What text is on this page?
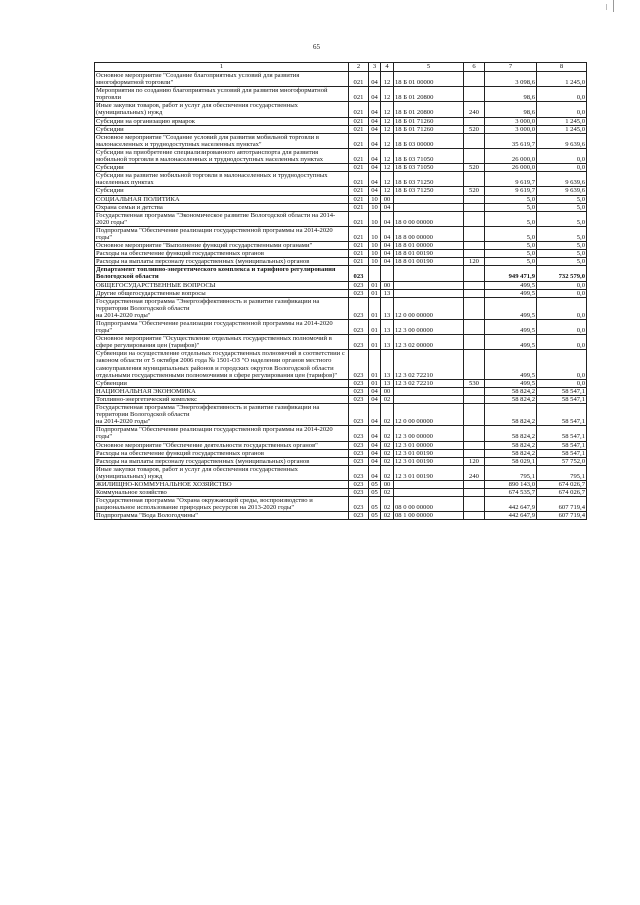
65
1	2	3	4	5	6	7	8
Основное мероприятие "Создание благоприятных условий для развития многоформатной торговли"	021	04	12	18 Б 01 00000		3 098,6	1 245,0
Мероприятия по созданию благоприятных условий для развития многоформатной торговли	021	04	12	18 Б 01 20800		98,6	0,0
Иные закупки товаров, работ и услуг для обеспечения государственных (муниципальных) нужд	021	04	12	18 Б 01 20800	240	98,6	0,0
Субсидии на организацию ярмарок	021	04	12	18 Б 01 71260		3 000,0	1 245,0
Субсидии	021	04	12	18 Б 01 71260	520	3 000,0	1 245,0
Основное мероприятие "Создание условий для развития мобильной торговли в малонаселенных и труднодоступных населенных пунктах"	021	04	12	18 Б 03 00000		35 619,7	9 639,6
Субсидии на приобретение специализированного автотранспорта для развития мобильной торговли в малонаселенных и труднодоступных населенных пунктах	021	04	12	18 Б 03 71050		26 000,0	0,0
Субсидии	021	04	12	18 Б 03 71050	520	26 000,0	0,0
Субсидии на развитие мобильной торговли в малонаселенных и труднодоступных населенных пунктах	021	04	12	18 Б 03 71250		9 619,7	9 639,6
Субсидии	021	04	12	18 Б 03 71250	520	9 619,7	9 639,6
СОЦИАЛЬНАЯ ПОЛИТИКА	021	10	00			5,0	5,0
Охрана семьи и детства	021	10	04			5,0	5,0
Государственная программа "Экономическое развитие Вологодской области на 2014-2020 годы"	021	10	04	18 0 00 00000		5,0	5,0
Подпрограмма "Обеспечение реализации государственной программы на 2014-2020 годы"	021	10	04	18 8 00 00000		5,0	5,0
Основное мероприятие "Выполнение функций государственными органами"	021	10	04	18 8 01 00000		5,0	5,0
Расходы на обеспечение функций государственных органов	021	10	04	18 8 01 00190		5,0	5,0
Расходы на выплаты персоналу государственных (муниципальных) органов	021	10	04	18 8 01 00190	120	5,0	5,0
Департамент топливно-энергетического комплекса и тарифного регулирования Вологодской области	023					949 471,9	732 579,0
ОБЩЕГОСУДАРСТВЕННЫЕ ВОПРОСЫ	023	01	00			499,5	0,0
Другие общегосударственные вопросы	023	01	13			499,5	0,0
Государственная программа "Энергоэффективность и развитие газификации на территории Вологодской области
на 2014-2020 годы"	023	01	13	12 0 00 00000		499,5	0,0
Подпрограмма "Обеспечение реализации государственной программы на 2014-2020 годы"	023	01	13	12 3 00 00000		499,5	0,0
Основное мероприятие "Осуществление отдельных государственных полномочий в сфере регулирования цен (тарифов)"	023	01	13	12 3 02 00000		499,5	0,0
Субвенции на осуществление отдельных государственных полномочий в соответствии с законом области от 5 октября 2006 года № 1501-ОЗ "О наделении органов местного самоуправления муниципальных районов и городских округов Вологодской области отдельными государственными полномочиями в сфере регулирования цен (тарифов)"	023	01	13	12 3 02 72210		499,5	0,0
Субвенции	023	01	13	12 3 02 72210	530	499,5	0,0
НАЦИОНАЛЬНАЯ ЭКОНОМИКА	023	04	00			58 824,2	58 547,1
Топливно-энергетический комплекс	023	04	02			58 824,2	58 547,1
Государственная программа "Энергоэффективность и развитие газификации на территории Вологодской области
на 2014-2020 годы"	023	04	02	12 0 00 00000		58 824,2	58 547,1
Подпрограмма "Обеспечение реализации государственной программы на 2014-2020 годы"	023	04	02	12 3 00 00000		58 824,2	58 547,1
Основное мероприятие "Обеспечение деятельности государственных органов"	023	04	02	12 3 01 00000		58 824,2	58 547,1
Расходы на обеспечение функций государственных органов	023	04	02	12 3 01 00190		58 824,2	58 547,1
Расходы на выплаты персоналу государственных (муниципальных) органов	023	04	02	12 3 01 00190	120	58 029,1	57 752,0
Иные закупки товаров, работ и услуг для обеспечения государственных (муниципальных) нужд	023	04	02	12 3 01 00190	240	795,1	795,1
ЖИЛИЩНО-КОММУНАЛЬНОЕ ХОЗЯЙСТВО	023	05	00			890 143,0	674 026,7
Коммунальное хозяйство	023	05	02			674 535,7	674 026,7
Государственная программа "Охрана окружающей среды, воспроизводство и рациональное использование природных ресурсов на 2013-2020 годы"	023	05	02	08 0 00 00000		442 647,9	607 719,4
Подпрограмма "Вода Вологодчины"	023	05	02	08 1 00 00000		442 647,9	607 719,4
